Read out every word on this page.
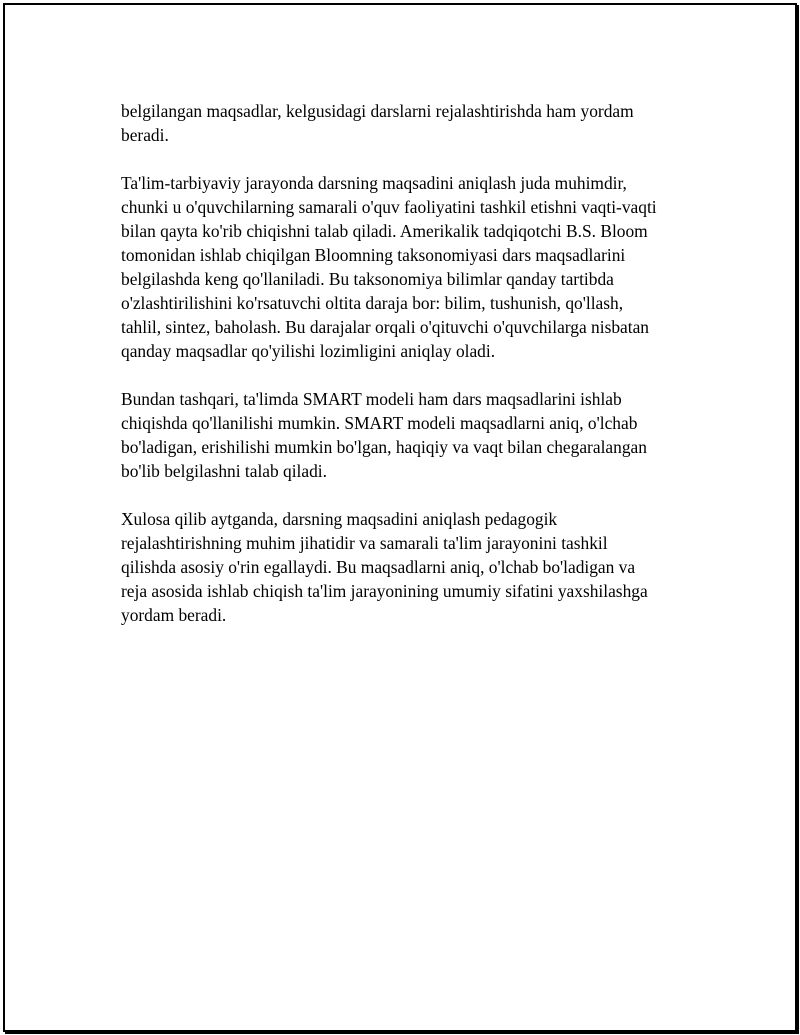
belgilangan maqsadlar, kelgusidagi darslarni rejalashtirishda ham yordam
beradi.

Ta'lim-tarbiyaviy jarayonda darsning maqsadini aniqlash juda muhimdir,
chunki u o'quvchilarning samarali o'quv faoliyatini tashkil etishni vaqti-vaqti
bilan qayta ko'rib chiqishni talab qiladi. Amerikalik tadqiqotchi B.S. Bloom
tomonidan ishlab chiqilgan Bloomning taksonomiyasi dars maqsadlarini
belgilashda keng qo'llaniladi. Bu taksonomiya bilimlar qanday tartibda
o'zlashtirilishini ko'rsatuvchi oltita daraja bor: bilim, tushunish, qo'llash,
tahlil, sintez, baholash. Bu darajalar orqali o'qituvchi o'quvchilarga nisbatan
qanday maqsadlar qo'yilishi lozimligini aniqlay oladi.

Bundan tashqari, ta'limda SMART modeli ham dars maqsadlarini ishlab
chiqishda qo'llanilishi mumkin. SMART modeli maqsadlarni aniq, o'lchab
bo'ladigan, erishilishi mumkin bo'lgan, haqiqiy va vaqt bilan chegaralangan
bo'lib belgilashni talab qiladi.

Xulosa qilib aytganda, darsning maqsadini aniqlash pedagogik
rejalashtirishning muhim jihatidir va samarali ta'lim jarayonini tashkil
qilishda asosiy o'rin egallaydi. Bu maqsadlarni aniq, o'lchab bo'ladigan va
reja asosida ishlab chiqish ta'lim jarayonining umumiy sifatini yaxshilashga
yordam beradi.
